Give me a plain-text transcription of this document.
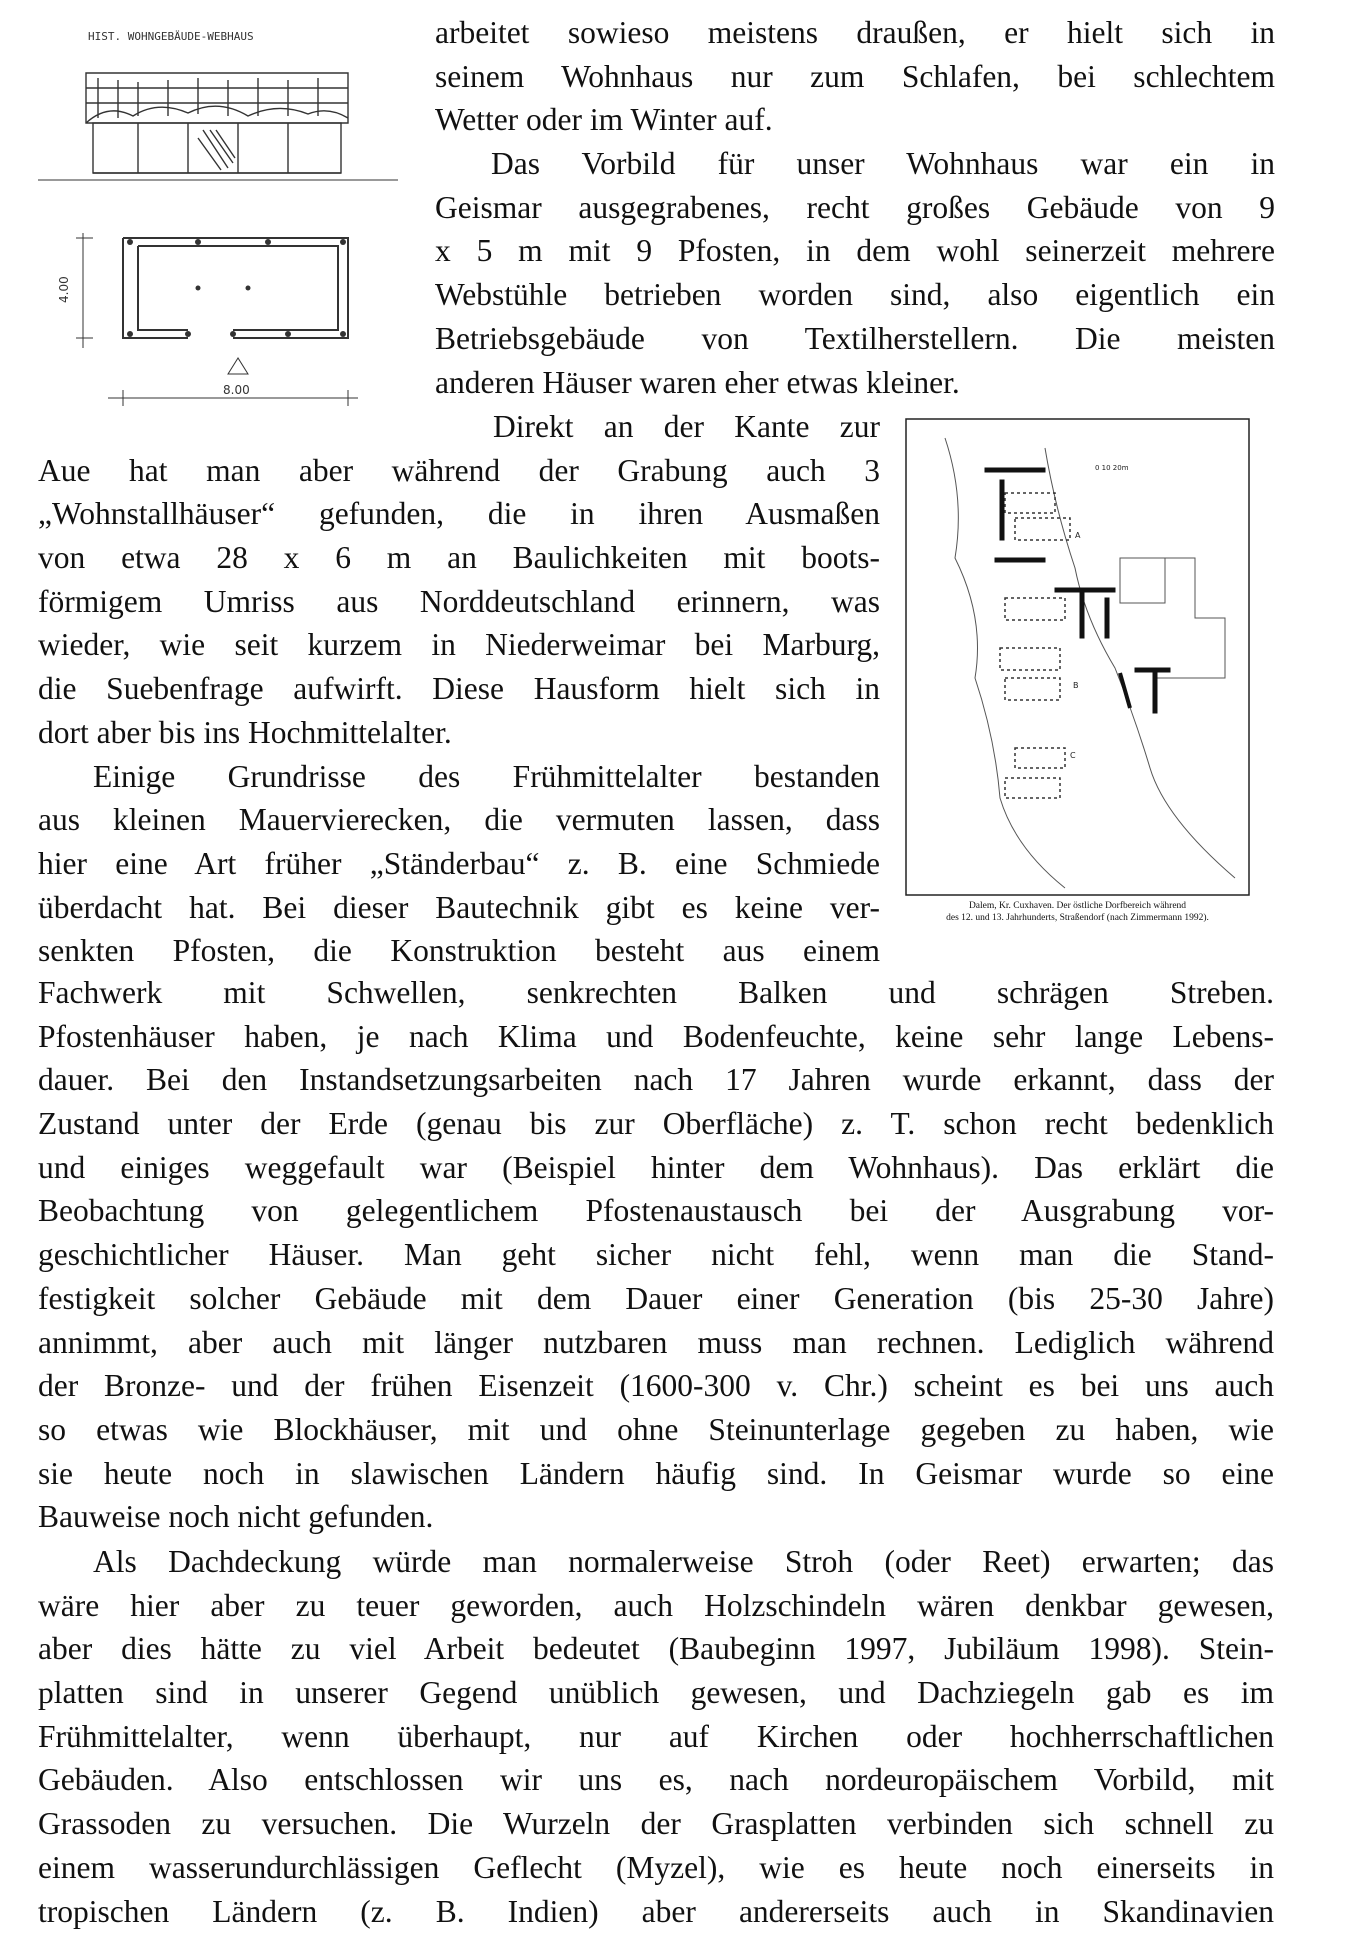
HIST. WOHNGEBÄUDE-WEBHAUS
4.00
8.00
0 10 20m
A
B
C
Dalem, Kr. Cuxhaven. Der östliche Dorfbereich während
des 12. und 13. Jahrhunderts, Straßendorf (nach Zimmermann 1992).
arbeitet sowieso meistens draußen, er hielt sich in
seinem Wohnhaus nur zum Schlafen, bei schlechtem
Wetter oder im Winter auf.
Das Vorbild für unser Wohnhaus war ein in
Geismar ausgegrabenes, recht großes Gebäude von 9
x 5 m mit 9 Pfosten, in dem wohl seinerzeit mehrere
Webstühle betrieben worden sind, also eigentlich ein
Betriebsgebäude von Textilherstellern. Die meisten
anderen Häuser waren eher etwas kleiner.
Direkt an der Kante zur
Aue hat man aber während der Grabung auch 3
„Wohnstallhäuser“ gefunden, die in ihren Ausmaßen
von etwa 28 x 6 m an Baulichkeiten mit boots-
förmigem Umriss aus Norddeutschland erinnern, was
wieder, wie seit kurzem in Niederweimar bei Marburg,
die Suebenfrage aufwirft. Diese Hausform hielt sich in
dort aber bis ins Hochmittelalter.
Einige Grundrisse des Frühmittelalter bestanden
aus kleinen Mauervierecken, die vermuten lassen, dass
hier eine Art früher „Ständerbau“ z. B. eine Schmiede
überdacht hat. Bei dieser Bautechnik gibt es keine ver-
senkten Pfosten, die Konstruktion besteht aus einem
Fachwerk mit Schwellen, senkrechten Balken und schrägen Streben.
Pfostenhäuser haben, je nach Klima und Bodenfeuchte, keine sehr lange Lebens-
dauer. Bei den Instandsetzungsarbeiten nach 17 Jahren wurde erkannt, dass der
Zustand unter der Erde (genau bis zur Oberfläche) z. T. schon recht bedenklich
und einiges weggefault war (Beispiel hinter dem Wohnhaus). Das erklärt die
Beobachtung von gelegentlichem Pfostenaustausch bei der Ausgrabung vor-
geschichtlicher Häuser. Man geht sicher nicht fehl, wenn man die Stand-
festigkeit solcher Gebäude mit dem Dauer einer Generation (bis 25-30 Jahre)
annimmt, aber auch mit länger nutzbaren muss man rechnen. Lediglich während
der Bronze- und der frühen Eisenzeit (1600-300 v. Chr.) scheint es bei uns auch
so etwas wie Blockhäuser, mit und ohne Steinunterlage gegeben zu haben, wie
sie heute noch in slawischen Ländern häufig sind. In Geismar wurde so eine
Bauweise noch nicht gefunden.
Als Dachdeckung würde man normalerweise Stroh (oder Reet) erwarten; das
wäre hier aber zu teuer geworden, auch Holzschindeln wären denkbar gewesen,
aber dies hätte zu viel Arbeit bedeutet (Baubeginn 1997, Jubiläum 1998). Stein-
platten sind in unserer Gegend unüblich gewesen, und Dachziegeln gab es im
Frühmittelalter, wenn überhaupt, nur auf Kirchen oder hochherrschaftlichen
Gebäuden. Also entschlossen wir uns es, nach nordeuropäischem Vorbild, mit
Grassoden zu versuchen. Die Wurzeln der Grasplatten verbinden sich schnell zu
einem wasserundurchlässigen Geflecht (Myzel), wie es heute noch einerseits in
tropischen Ländern (z. B. Indien) aber andererseits auch in Skandinavien
